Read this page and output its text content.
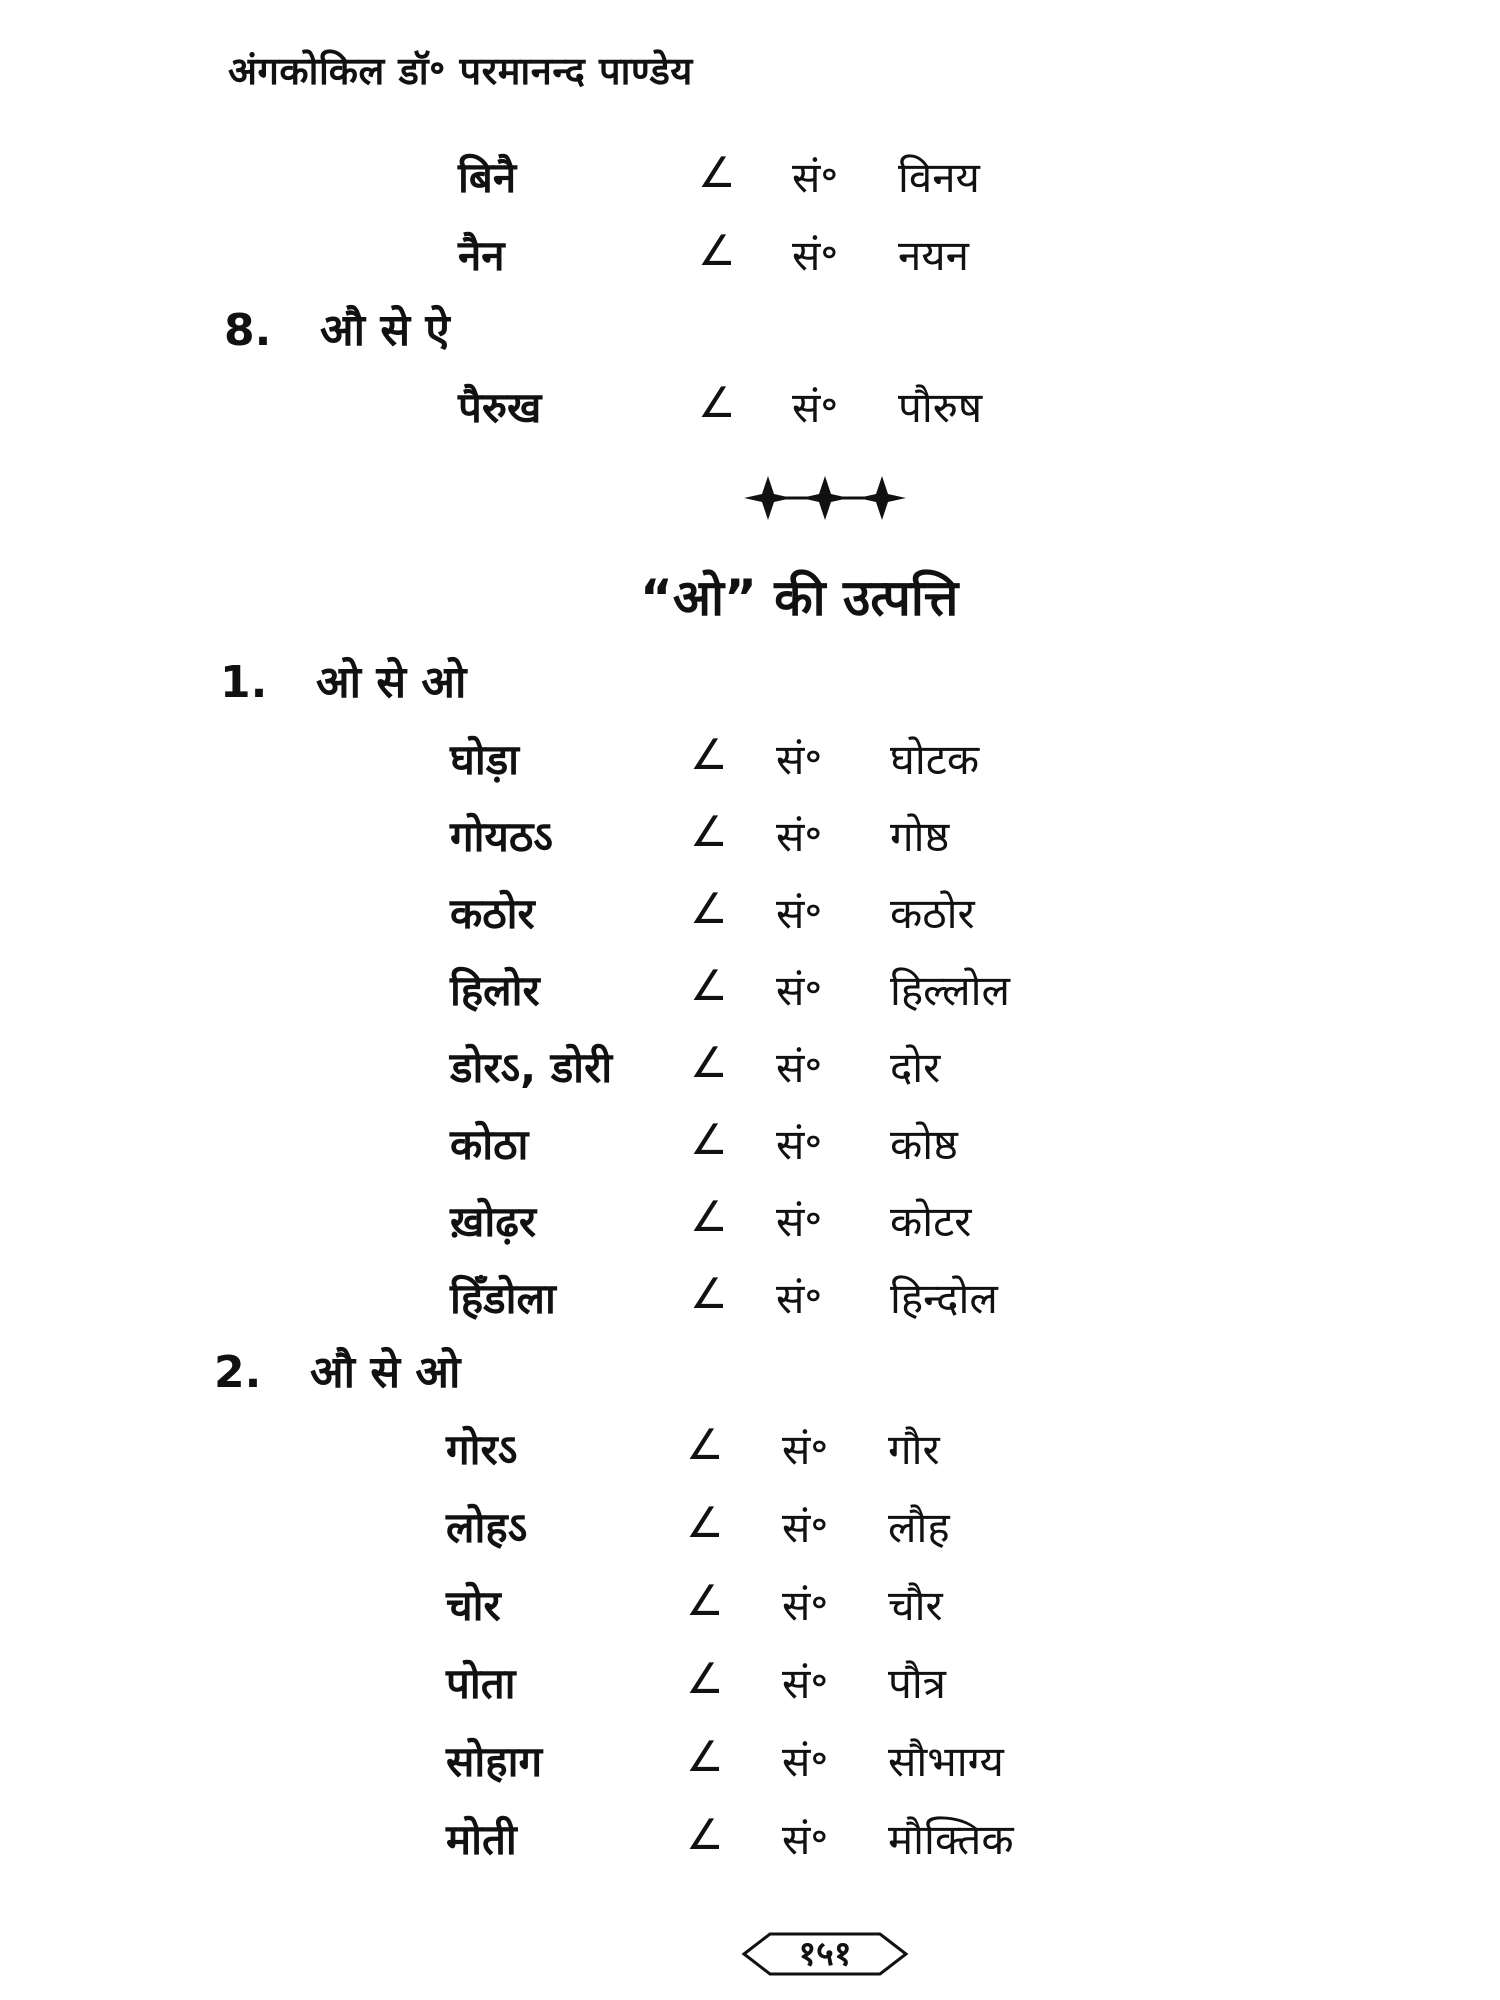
अंगकोकिल डॉ॰ परमानन्द पाण्डेय
बिनै	∠ सं॰ विनय
नैन	∠ सं॰ नयन
8. औ से ऐ
पैरुख	∠ सं॰ पौरुष
“ओ” की उत्पत्ति
1. ओ से ओ
घोड़ा	∠ सं॰ घोटक
गोयठऽ	∠ सं॰ गोष्ठ
कठोर	∠ सं॰ कठोर
हिलोर	∠ सं॰ हिल्लोल
डोरऽ, डोरी ∠ सं॰ दोर
कोठा	∠ सं॰ कोष्ठ
ख़ोढ़र	∠ सं॰ कोटर
हिँडोला	∠ सं॰ हिन्दोल
2. औ से ओ
गोरऽ	∠ सं॰ गौर
लोहऽ	∠ सं॰ लौह
चोर	∠ सं॰ चौर
पोता	∠ सं॰ पौत्र
सोहाग	∠ सं॰ सौभाग्य
मोती	∠ सं॰ मौक्तिक
१५१
